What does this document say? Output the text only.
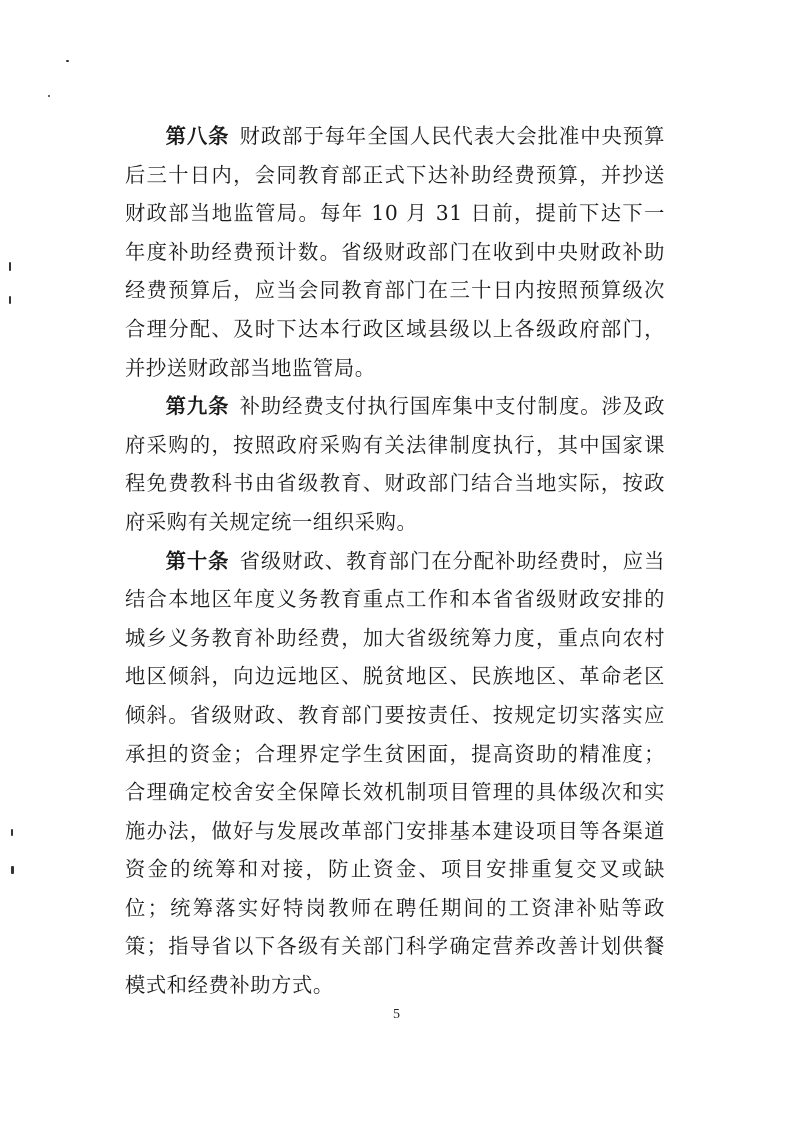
第八条 财政部于每年全国人民代表大会批准中央预算后三十日内，会同教育部正式下达补助经费预算，并抄送财政部当地监管局。每年 10 月 31 日前，提前下达下一年度补助经费预计数。省级财政部门在收到中央财政补助经费预算后，应当会同教育部门在三十日内按照预算级次合理分配、及时下达本行政区域县级以上各级政府部门，并抄送财政部当地监管局。

第九条 补助经费支付执行国库集中支付制度。涉及政府采购的，按照政府采购有关法律制度执行，其中国家课程免费教科书由省级教育、财政部门结合当地实际，按政府采购有关规定统一组织采购。

第十条 省级财政、教育部门在分配补助经费时，应当结合本地区年度义务教育重点工作和本省省级财政安排的城乡义务教育补助经费，加大省级统筹力度，重点向农村地区倾斜，向边远地区、脱贫地区、民族地区、革命老区倾斜。省级财政、教育部门要按责任、按规定切实落实应承担的资金；合理界定学生贫困面，提高资助的精准度；合理确定校舍安全保障长效机制项目管理的具体级次和实施办法，做好与发展改革部门安排基本建设项目等各渠道资金的统筹和对接，防止资金、项目安排重复交叉或缺位；统筹落实好特岗教师在聘任期间的工资津补贴等政策；指导省以下各级有关部门科学确定营养改善计划供餐模式和经费补助方式。

5
